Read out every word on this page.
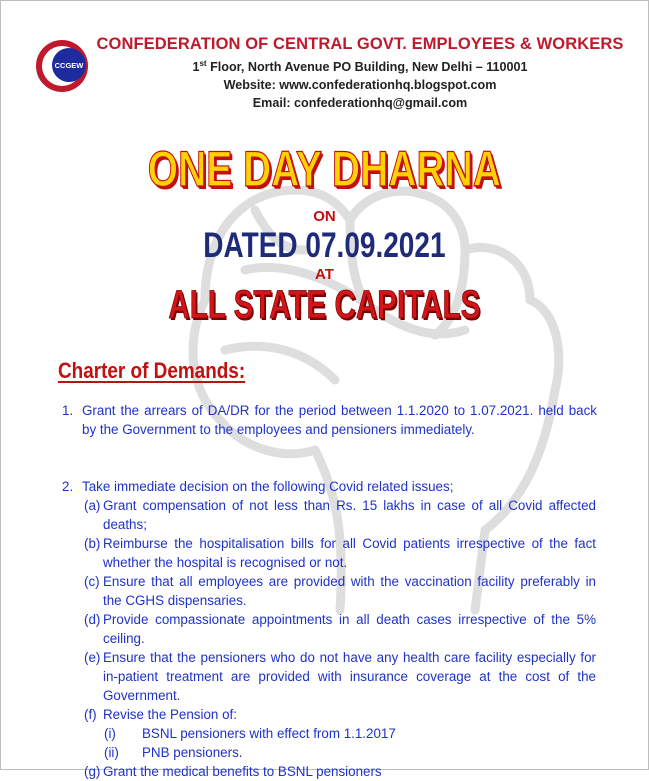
CCGEW
CONFEDERATION OF CENTRAL GOVT. EMPLOYEES & WORKERS
1st Floor, North Avenue PO Building, New Delhi – 110001
Website: www.confederationhq.blogspot.com
Email: confederationhq@gmail.com
ONE DAY DHARNA
ON
DATED 07.09.2021
AT
ALL STATE CAPITALS
Charter of Demands:
1. Grant the arrears of DA/DR for the period between 1.1.2020 to 1.07.2021. held back by the Government to the employees and pensioners immediately.
2. Take immediate decision on the following Covid related issues;
(a) Grant compensation of not less than Rs. 15 lakhs in case of all Covid affected deaths;
(b) Reimburse the hospitalisation bills for all Covid patients irrespective of the fact whether the hospital is recognised or not.
(c) Ensure that all employees are provided with the vaccination facility preferably in the CGHS dispensaries.
(d) Provide compassionate appointments in all death cases irrespective of the 5% ceiling.
(e) Ensure that the pensioners who do not have any health care facility especially for in-patient treatment are provided with insurance coverage at the cost of the Government.
(f) Revise the Pension of:
(i) BSNL pensioners with effect from 1.1.2017
(ii) PNB pensioners.
(g) Grant the medical benefits to BSNL pensioners
